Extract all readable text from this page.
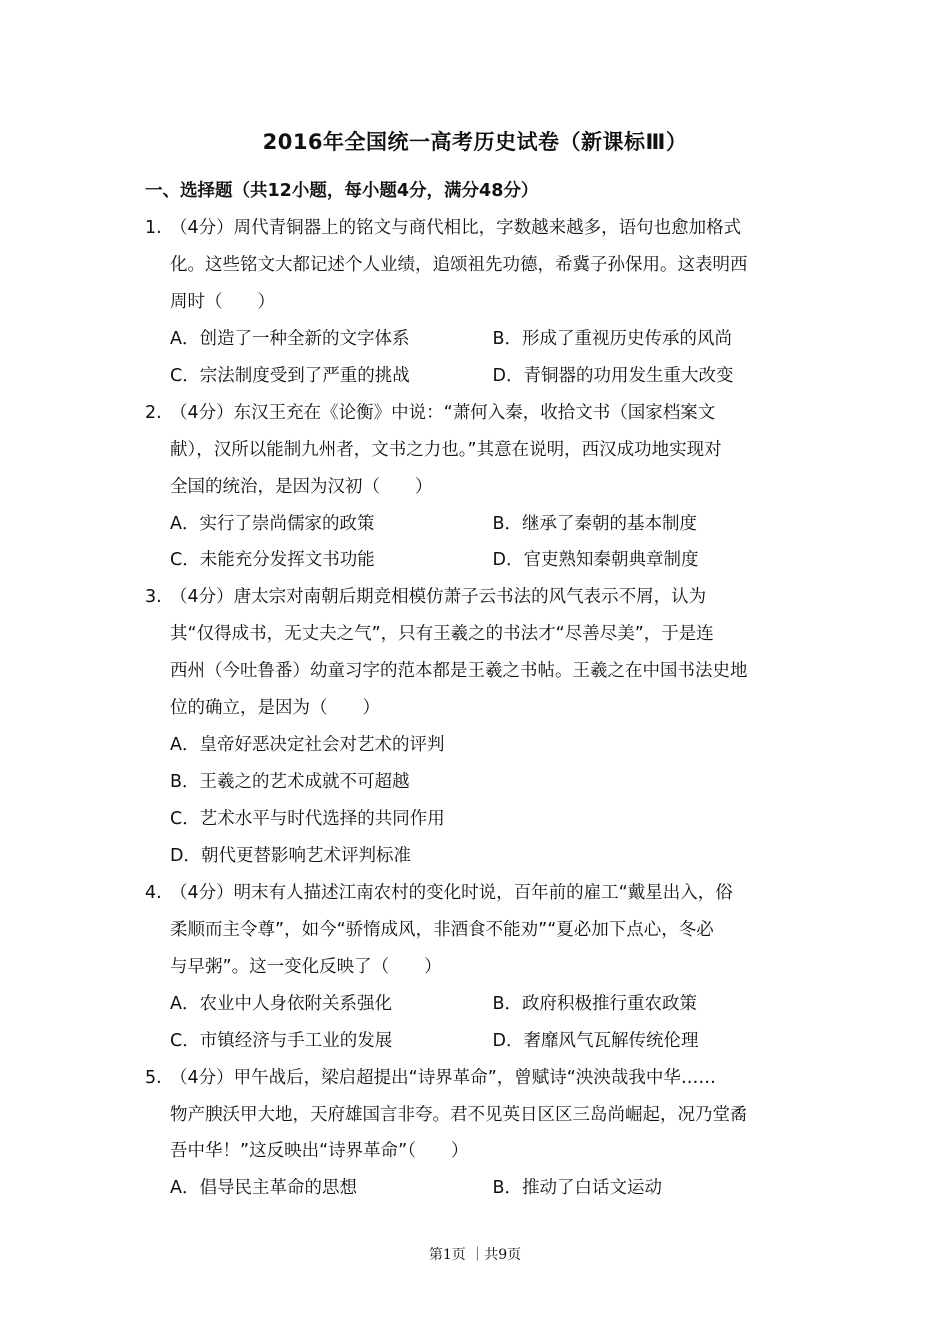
2016年全国统一高考历史试卷（新课标Ⅲ）
一、选择题（共12小题，每小题4分，满分48分）
1. （4分）周代青铜器上的铭文与商代相比，字数越来越多，语句也愈加格式
化。这些铭文大都记述个人业绩，追颂祖先功德，希冀子孙保用。这表明西
周时（　　）
A．创造了一种全新的文字体系	B．形成了重视历史传承的风尚
C．宗法制度受到了严重的挑战	D．青铜器的功用发生重大改变
2. （4分）东汉王充在《论衡》中说：“萧何入秦，收拾文书（国家档案文
献），汉所以能制九州者，文书之力也。”其意在说明，西汉成功地实现对
全国的统治，是因为汉初（　　）
A．实行了崇尚儒家的政策	B．继承了秦朝的基本制度
C．未能充分发挥文书功能	D．官吏熟知秦朝典章制度
3. （4分）唐太宗对南朝后期竞相模仿萧子云书法的风气表示不屑，认为
其“仅得成书，无丈夫之气”，只有王羲之的书法才“尽善尽美”，于是连
西州（今吐鲁番）幼童习字的范本都是王羲之书帖。王羲之在中国书法史地
位的确立，是因为（　　）
A．皇帝好恶决定社会对艺术的评判
B．王羲之的艺术成就不可超越
C．艺术水平与时代选择的共同作用
D．朝代更替影响艺术评判标准
4. （4分）明末有人描述江南农村的变化时说，百年前的雇工“戴星出入，俗
柔顺而主令尊”，如今“骄惰成风，非酒食不能劝”“夏必加下点心，冬必
与早粥”。这一变化反映了（　　）
A．农业中人身依附关系强化	B．政府积极推行重农政策
C．市镇经济与手工业的发展	D．奢靡风气瓦解传统伦理
5. （4分）甲午战后，梁启超提出“诗界革命”，曾赋诗“泱泱哉我中华……
物产腴沃甲大地，天府雄国言非夸。君不见英日区区三岛尚崛起，况乃堂矞
吾中华！”这反映出“诗界革命”（　　）
A．倡导民主革命的思想	B．推动了白话文运动
第1页 ｜共9页
